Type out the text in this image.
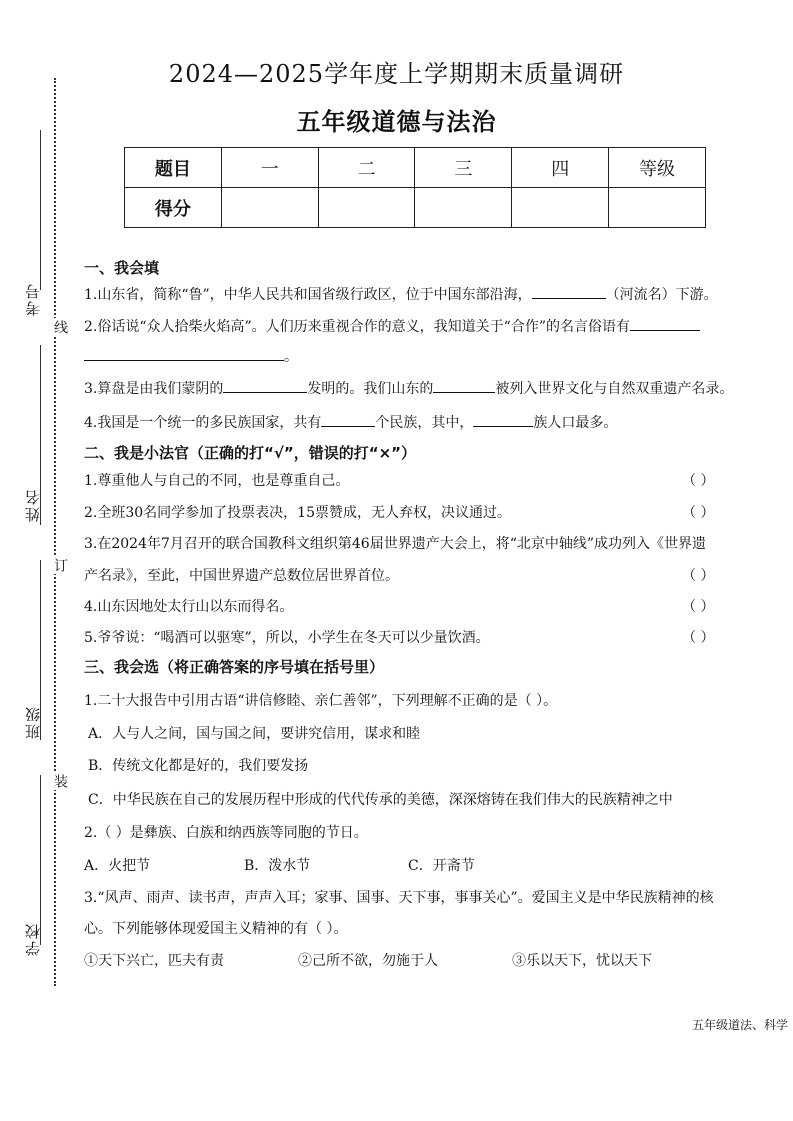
考号
姓名
班级
学校
线
订
装
2024—2025学年度上学期期末质量调研
五年级道德与法治
题目	一	二	三	四	等级
得分					
一、我会填
1.山东省，简称“鲁”，中华人民共和国省级行政区，位于中国东部沿海，	（河流名）下游。
2.俗话说“众人拾柴火焰高”。人们历来重视合作的意义，我知道关于“合作”的名言俗语有
。
3.算盘是由我们蒙阴的	发明的。我们山东的	被列入世界文化与自然双重遗产名录。
4.我国是一个统一的多民族国家，共有	个民族，其中，	族人口最多。
二、我是小法官（正确的打“√”，错误的打“×”）
1.尊重他人与自己的不同，也是尊重自己。	（ ）
2.全班30名同学参加了投票表决，15票赞成，无人弃权，决议通过。	（ ）
3.在2024年7月召开的联合国教科文组织第46届世界遗产大会上，将“北京中轴线”成功列入《世界遗
产名录》，至此，中国世界遗产总数位居世界首位。	（ ）
4.山东因地处太行山以东而得名。	（ ）
5.爷爷说：“喝酒可以驱寒”，所以，小学生在冬天可以少量饮酒。	（ ）
三、我会选（将正确答案的序号填在括号里）
1.二十大报告中引用古语“讲信修睦、亲仁善邻”，下列理解不正确的是（ ）。
A．人与人之间，国与国之间，要讲究信用，谋求和睦
B．传统文化都是好的，我们要发扬
C．中华民族在自己的发展历程中形成的代代传承的美德，深深熔铸在我们伟大的民族精神之中
2.（ ）是彝族、白族和纳西族等同胞的节日。
A．火把节	B．泼水节	C．开斋节
3.“风声、雨声、读书声，声声入耳；家事、国事、天下事，事事关心”。爱国主义是中华民族精神的核
心。下列能够体现爱国主义精神的有（ ）。
①天下兴亡，匹夫有责	②己所不欲，勿施于人	③乐以天下，忧以天下
五年级道法、科学
